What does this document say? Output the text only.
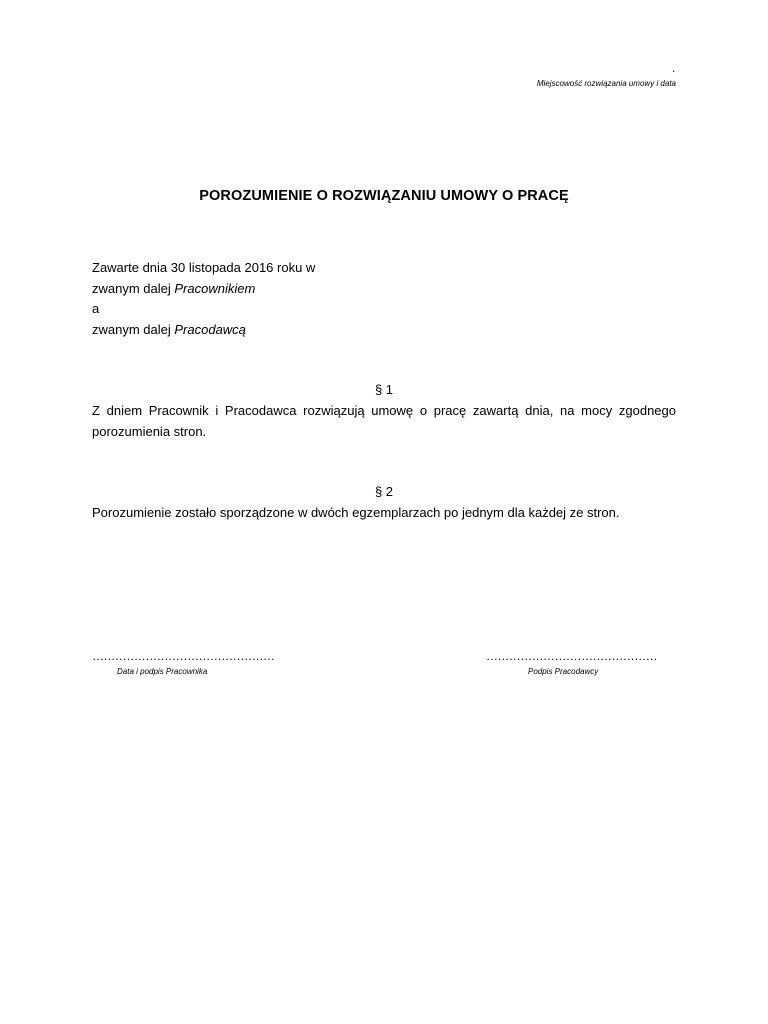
.
Miejscowość rozwiązania umowy i data
POROZUMIENIE O ROZWIĄZANIU UMOWY O PRACĘ
Zawarte dnia 30 listopada 2016 roku w
zwanym dalej Pracownikiem
a
zwanym dalej Pracodawcą
§ 1
Z dniem Pracownik i Pracodawca rozwiązują umowę o pracę zawartą dnia, na mocy zgodnego porozumienia stron.
§ 2
Porozumienie zostało sporządzone w dwóch egzemplarzach po jednym dla każdej ze stron.
…………………………………………
Data i podpis Pracownika
………………………………………
Podpis Pracodawcy
